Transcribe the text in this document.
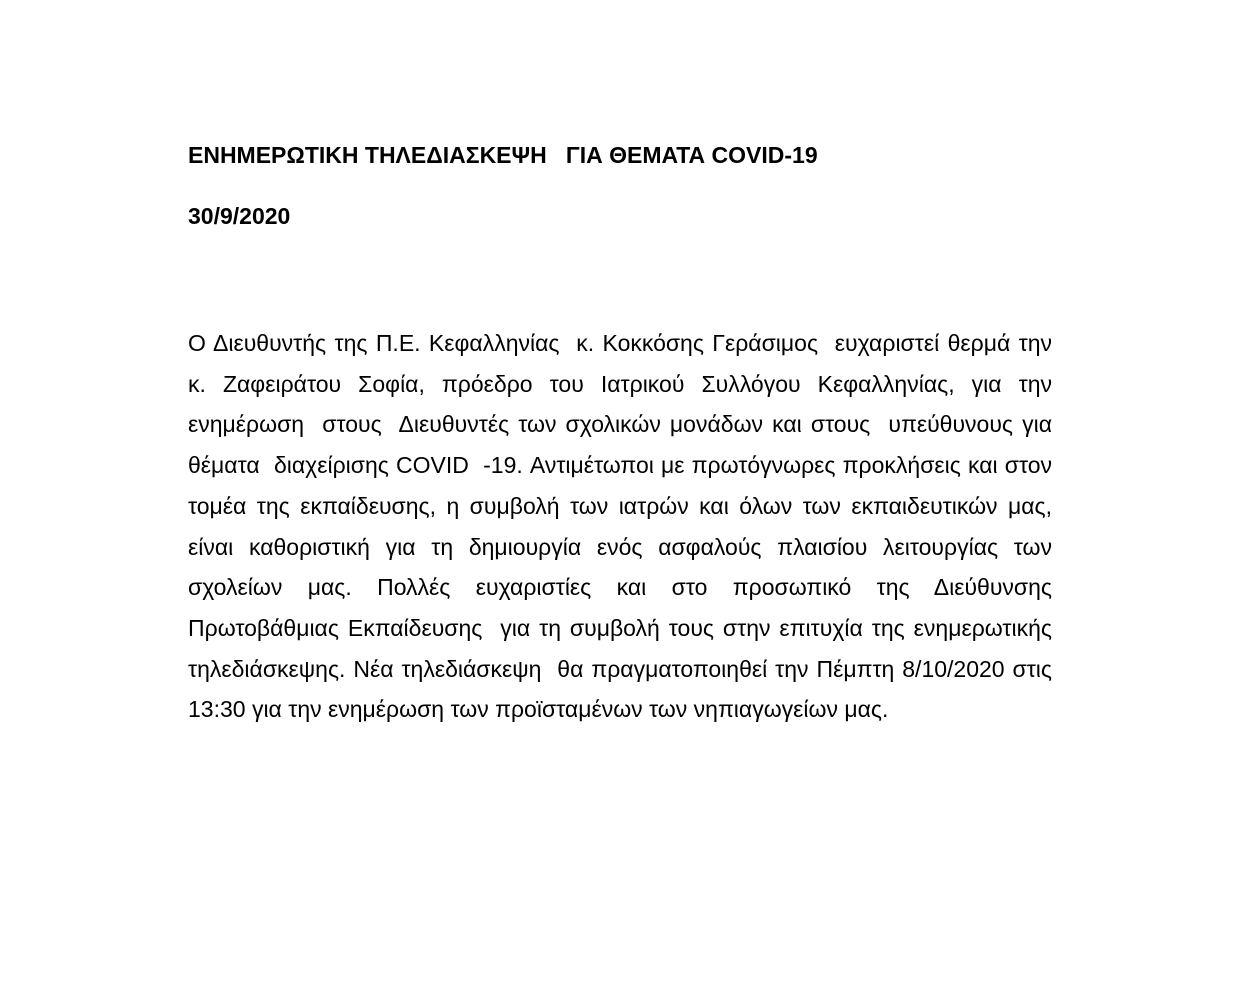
ΕΝΗΜΕΡΩΤΙΚΗ ΤΗΛΕΔΙΑΣΚΕΨΗ   ΓΙΑ ΘΕΜΑΤΑ COVID-19
30/9/2020

Ο Διευθυντής της Π.Ε. Κεφαλληνίας  κ. Κοκκόσης Γεράσιμος  ευχαριστεί θερμά την κ. Ζαφειράτου Σοφία, πρόεδρο του Ιατρικού Συλλόγου Κεφαλληνίας, για την ενημέρωση  στους  Διευθυντές των σχολικών μονάδων και στους  υπεύθυνους για  θέματα  διαχείρισης COVID  -19. Αντιμέτωποι με πρωτόγνωρες προκλήσεις και στον τομέα της εκπαίδευσης, η συμβολή των ιατρών και όλων των εκπαιδευτικών μας, είναι καθοριστική για τη δημιουργία ενός ασφαλούς πλαισίου λειτουργίας των σχολείων μας. Πολλές ευχαριστίες και στο προσωπικό της Διεύθυνσης Πρωτοβάθμιας Εκπαίδευσης  για τη συμβολή τους στην επιτυχία της ενημερωτικής τηλεδιάσκεψης. Νέα τηλεδιάσκεψη  θα πραγματοποιηθεί την Πέμπτη 8/10/2020 στις 13:30 για την ενημέρωση των προϊσταμένων των νηπιαγωγείων μας.
